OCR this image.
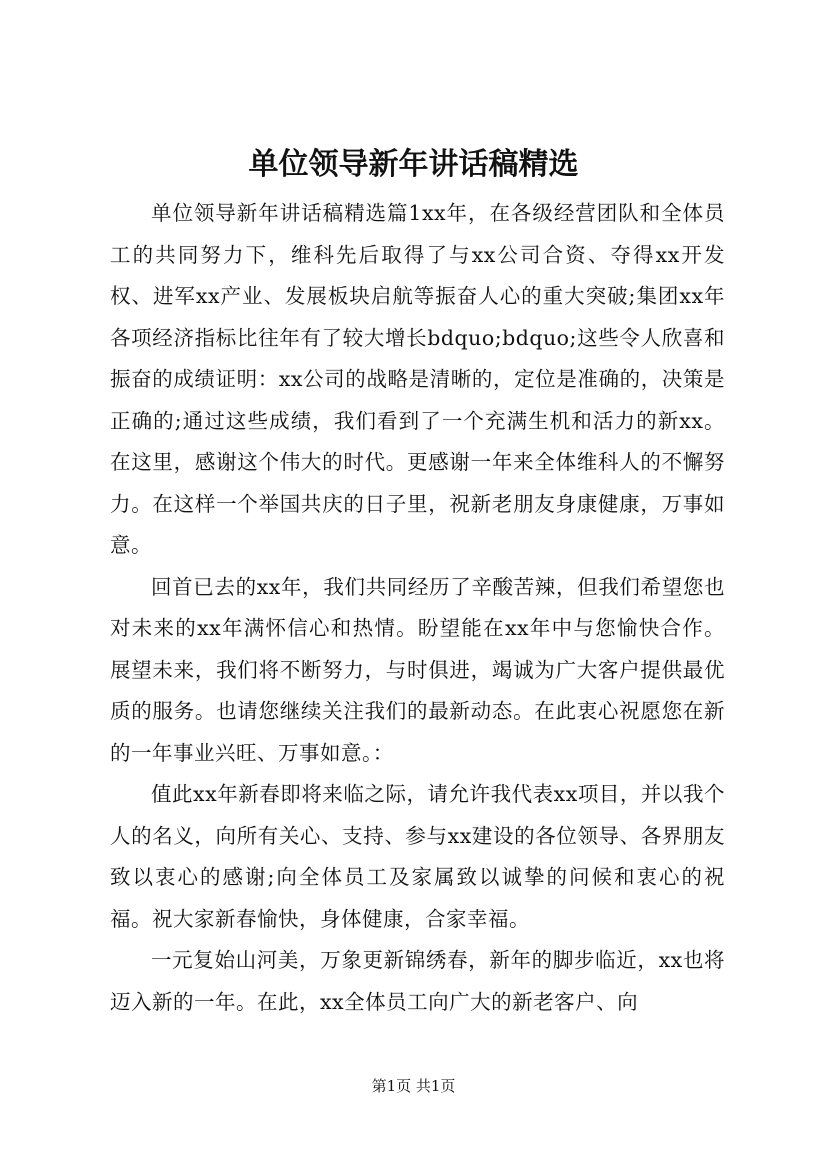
单位领导新年讲话稿精选

单位领导新年讲话稿精选篇1xx年，在各级经营团队和全体员工的共同努力下，维科先后取得了与xx公司合资、夺得xx开发权、进军xx产业、发展板块启航等振奋人心的重大突破;集团xx年各项经济指标比往年有了较大增长bdquo;bdquo;这些令人欣喜和振奋的成绩证明：xx公司的战略是清晰的，定位是准确的，决策是正确的;通过这些成绩，我们看到了一个充满生机和活力的新xx。在这里，感谢这个伟大的时代。更感谢一年来全体维科人的不懈努力。在这样一个举国共庆的日子里，祝新老朋友身康健康，万事如意。

回首已去的xx年，我们共同经历了辛酸苦辣，但我们希望您也对未来的xx年满怀信心和热情。盼望能在xx年中与您愉快合作。展望未来，我们将不断努力，与时俱进，竭诚为广大客户提供最优质的服务。也请您继续关注我们的最新动态。在此衷心祝愿您在新的一年事业兴旺、万事如意。：

值此xx年新春即将来临之际，请允许我代表xx项目，并以我个人的名义，向所有关心、支持、参与xx建设的各位领导、各界朋友致以衷心的感谢;向全体员工及家属致以诚挚的问候和衷心的祝福。祝大家新春愉快，身体健康，合家幸福。

一元复始山河美，万象更新锦绣春，新年的脚步临近，xx也将迈入新的一年。在此，xx全体员工向广大的新老客户、向

第1页 共1页
